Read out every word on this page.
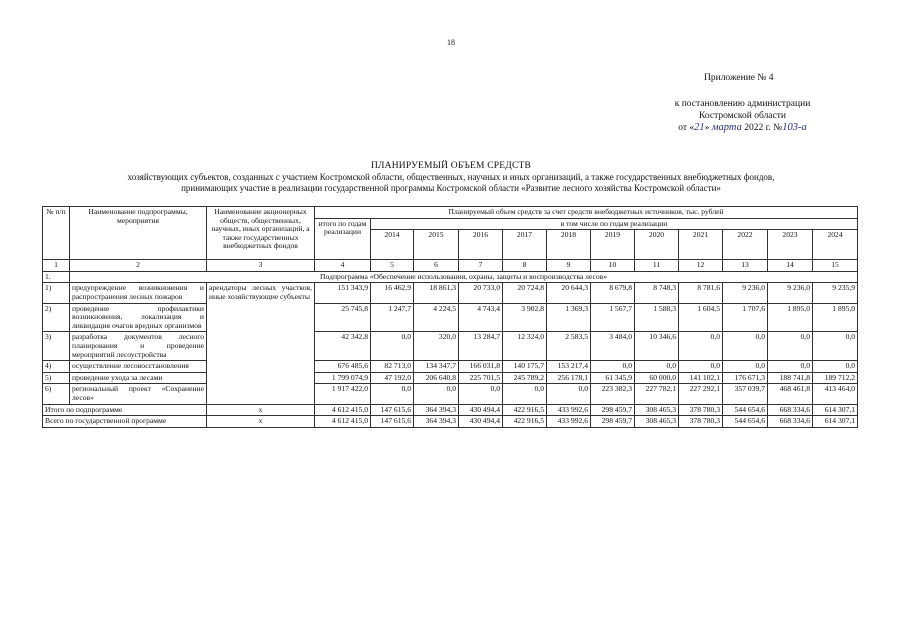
18
Приложение № 4
к постановлению администрации
Костромской области
от «21» марта 2022 г. №103-а
ПЛАНИРУЕМЫЙ ОБЪЕМ СРЕДСТВ
хозяйствующих субъектов, созданных с участием Костромской области, общественных, научных и иных организаций, а также государственных внебюджетных фондов,
принимающих участие в реализации государственной программы Костромской области «Развитие лесного хозяйства Костромской области»
№ п/п	Наименование подпрограммы, мероприятия	Наименование акционерных обществ, общественных, научных, иных организаций, а также государственных внебюджетных фондов	Планируемый объем средств за счет средств внебюджетных источников, тыс. рублей											
			итого по годам реализации	в том числе по годам реализации										
				2014	2015	2016	2017	2018	2019	2020	2021	2022	2023	2024
1	2	3	4	5	6	7	8	9	10	11	12	13	14	15
1.	Подпрограмма «Обеспечение использования, охраны, защиты и воспроизводства лесов»													
1)	предупреждение возникновения и распространения лесных пожаров	арендаторы лесных участков, иные хозяйствующие субъекты	151 343,9	16 462,9	18 861,3	20 733,0	20 724,8	20 644,3	8 679,8	8 748,3	8 781,6	9 236,0	9 236,0	9 235,9
2)	проведение профилактики возникновения, локализация и ликвидация очагов вредных организмов		25 745,8	1 247,7	4 224,5	4 743,4	3 902,8	1 369,3	1 567,7	1 588,3	1 604,5	1 707,6	1 895,0	1 895,0
3)	разработка документов лесного планирования и проведение мероприятий лесоустройства		42 342,8	0,0	320,0	13 284,7	12 324,0	2 583,5	3 484,0	10 346,6	0,0	0,0	0,0	0,0
4)	осуществление лесовосстановления		676 485,6	82 713,0	134 347,7	166 031,8	140 175,7	153 217,4	0,0	0,0	0,0	0,0	0,0	0,0
5)	проведение ухода за лесами		1 799 074,9	47 192,0	206 640,8	225 701,5	245 789,2	256 178,1	61 345,9	60 000,0	141 102,1	176 671,3	188 741,8	189 712,2
6)	региональный проект «Сохранение лесов»		1 917 422,0	0,0	0,0	0,0	0,0	0,0	223 382,3	227 782,1	227 292,1	357 039,7	468 461,8	413 464,0
Итого по подпрограмме		х	4 612 415,0	147 615,6	364 394,3	430 494,4	422 916,5	433 992,6	298 459,7	308 465,3	378 780,3	544 654,6	668 334,6	614 307,1
Всего по государственной программе		х	4 612 415,0	147 615,6	364 394,3	430 494,4	422 916,5	433 992,6	298 459,7	308 465,3	378 780,3	544 654,6	668 334,6	614 307,1
